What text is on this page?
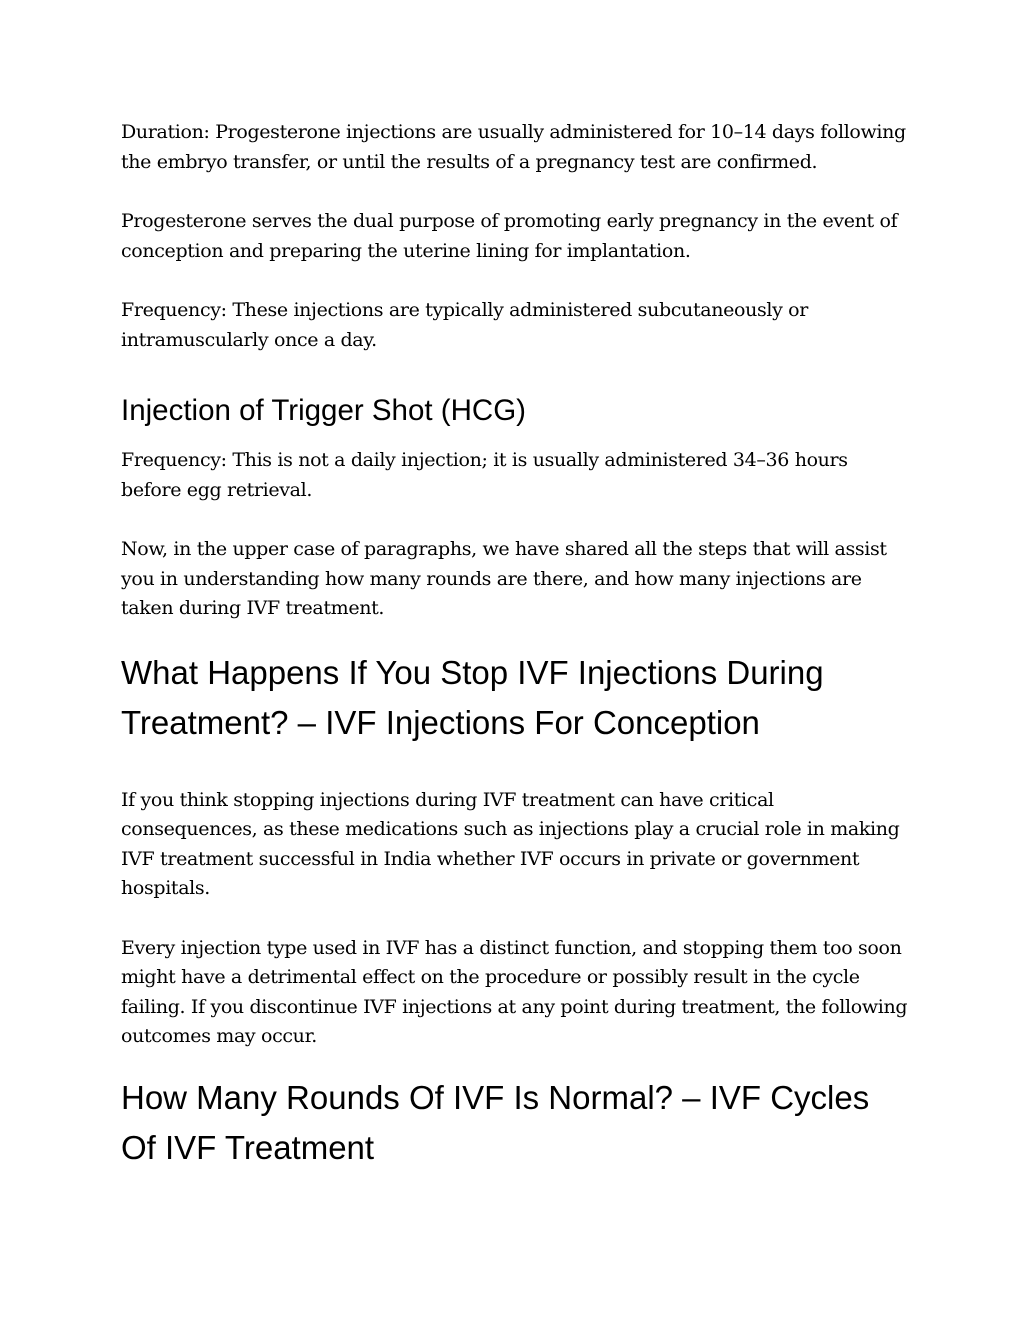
Duration: Progesterone injections are usually administered for 10–14 days following the embryo transfer, or until the results of a pregnancy test are confirmed.

Progesterone serves the dual purpose of promoting early pregnancy in the event of conception and preparing the uterine lining for implantation.

Frequency: These injections are typically administered subcutaneously or intramuscularly once a day.

Injection of Trigger Shot (HCG)

Frequency: This is not a daily injection; it is usually administered 34–36 hours before egg retrieval.

Now, in the upper case of paragraphs, we have shared all the steps that will assist you in understanding how many rounds are there, and how many injections are taken during IVF treatment.

What Happens If You Stop IVF Injections During Treatment? – IVF Injections For Conception

If you think stopping injections during IVF treatment can have critical consequences, as these medications such as injections play a crucial role in making IVF treatment successful in India whether IVF occurs in private or government hospitals.

Every injection type used in IVF has a distinct function, and stopping them too soon might have a detrimental effect on the procedure or possibly result in the cycle failing. If you discontinue IVF injections at any point during treatment, the following outcomes may occur.

How Many Rounds Of IVF Is Normal? – IVF Cycles Of IVF Treatment
